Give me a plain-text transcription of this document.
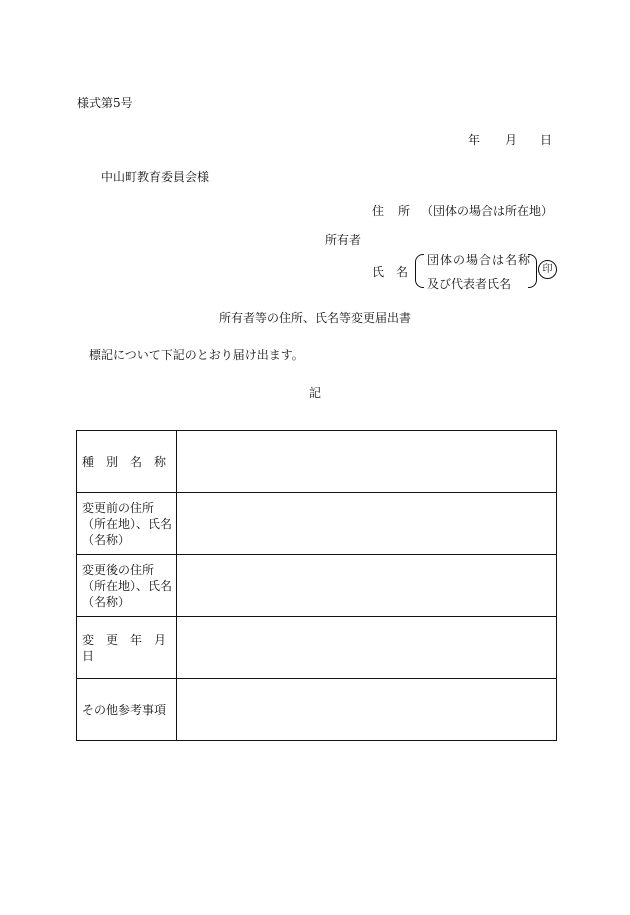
様式第5号
年 月 日
中山町教育委員会様
住　所 （団体の場合は所在地）
所有者
氏　名
団体の場合は名称
及び代表者氏名
印
所有者等の住所、氏名等変更届出書
標記について下記のとおり届け出ます。
記
種　別　名　称	

変更前の住所
（所在地）、氏名
（名称）	

変更後の住所
（所在地）、氏名
（名称）	

変　更　年　月　日	

その他参考事項	
